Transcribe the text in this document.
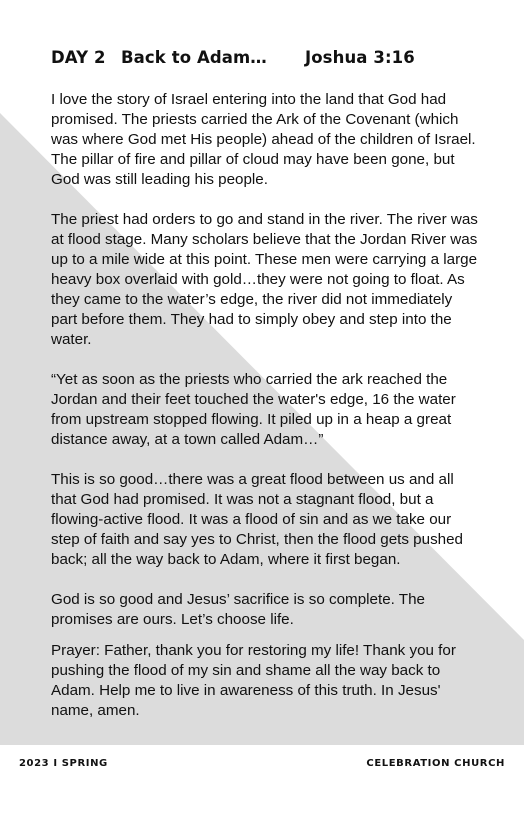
DAY 2 Back to Adam… Joshua 3:16

I love the story of Israel entering into the land that God had promised. The priests carried the Ark of the Covenant (which was where God met His people) ahead of the children of Israel. The pillar of fire and pillar of cloud may have been gone, but God was still leading his people.

The priest had orders to go and stand in the river. The river was at flood stage. Many scholars believe that the Jordan River was up to a mile wide at this point. These men were carrying a large heavy box overlaid with gold…they were not going to float. As they came to the water’s edge, the river did not immediately part before them. They had to simply obey and step into the water.

“Yet as soon as the priests who carried the ark reached the Jordan and their feet touched the water's edge, 16 the water from upstream stopped flowing. It piled up in a heap a great distance away, at a town called Adam…”

This is so good…there was a great flood between us and all that God had promised. It was not a stagnant flood, but a flowing-active flood. It was a flood of sin and as we take our step of faith and say yes to Christ, then the flood gets pushed back; all the way back to Adam, where it first began.

God is so good and Jesus’ sacrifice is so complete. The promises are ours. Let’s choose life.

Prayer: Father, thank you for restoring my life! Thank you for pushing the flood of my sin and shame all the way back to Adam. Help me to live in awareness of this truth. In Jesus' name, amen.

2023 I SPRING	CELEBRATION CHURCH
